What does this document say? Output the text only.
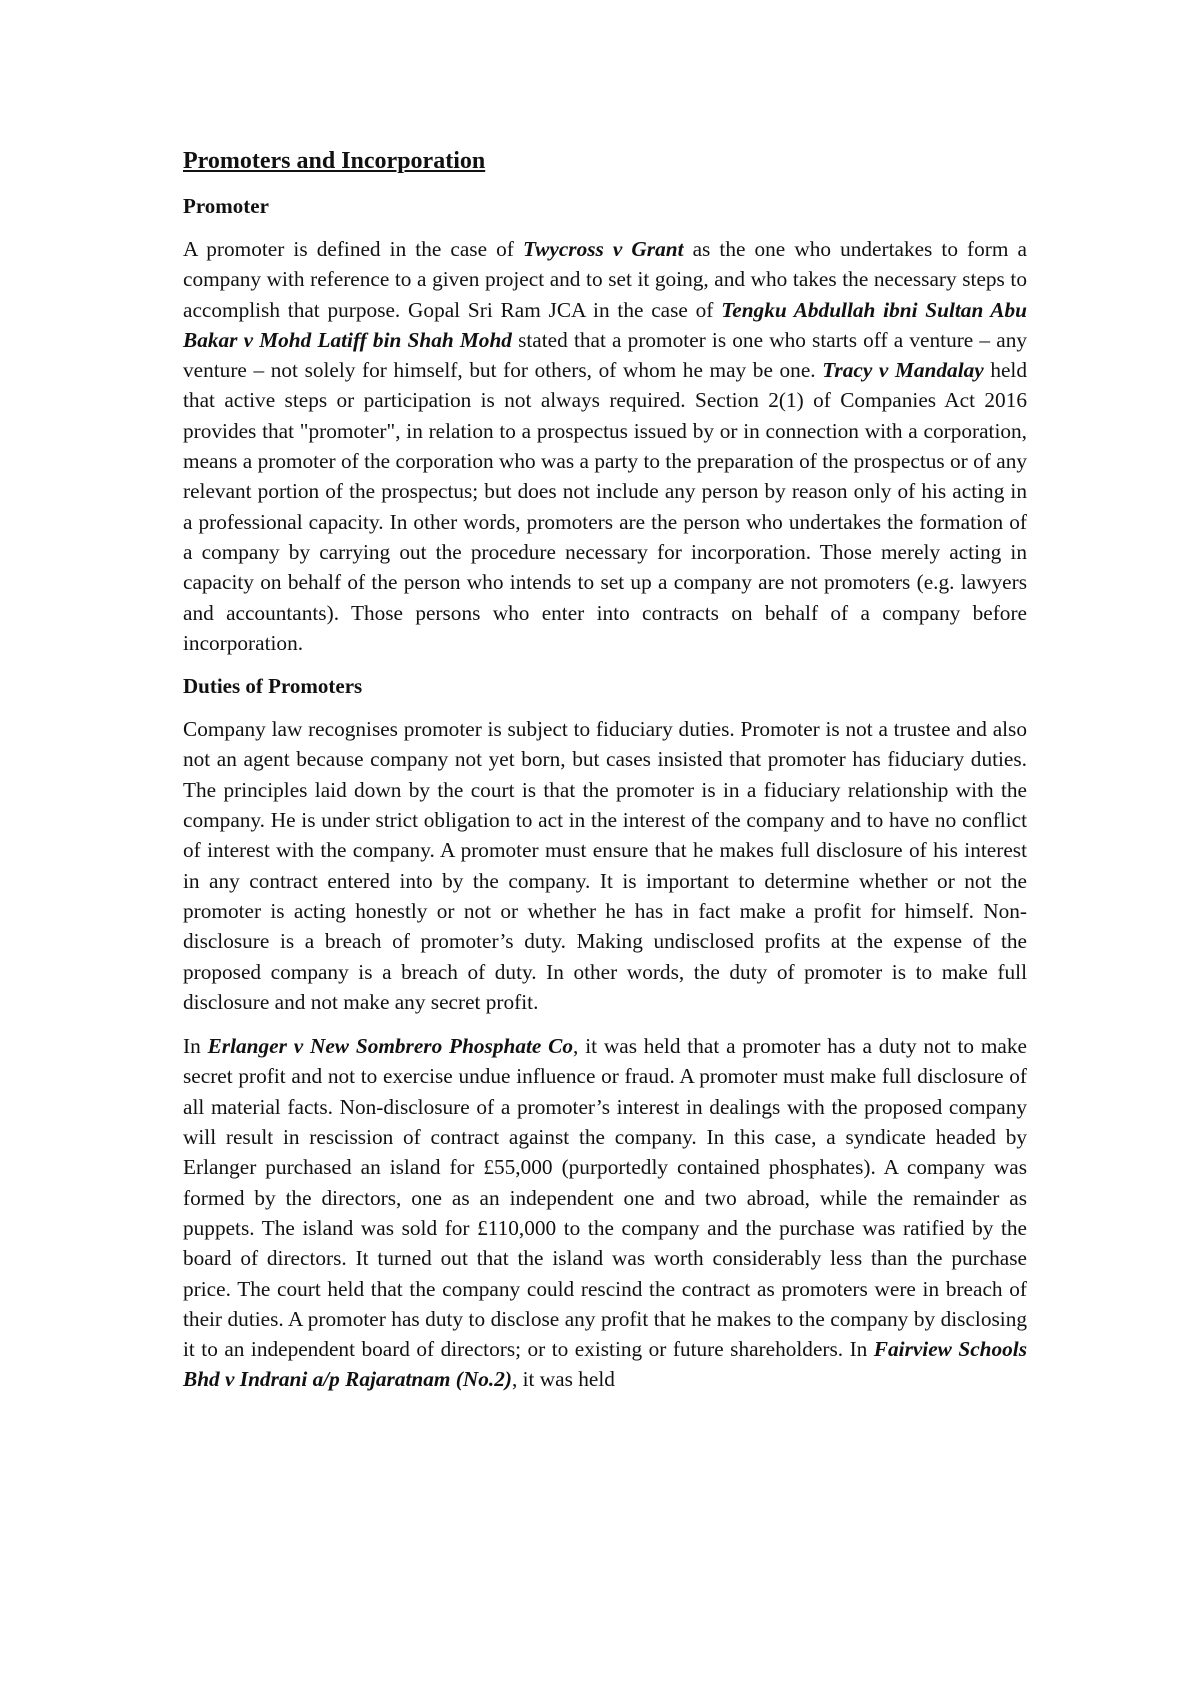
Promoters and Incorporation
Promoter

A promoter is defined in the case of Twycross v Grant as the one who undertakes to form a company with reference to a given project and to set it going, and who takes the necessary steps to accomplish that purpose. Gopal Sri Ram JCA in the case of Tengku Abdullah ibni Sultan Abu Bakar v Mohd Latiff bin Shah Mohd stated that a promoter is one who starts off a venture – any venture – not solely for himself, but for others, of whom he may be one. Tracy v Mandalay held that active steps or participation is not always required. Section 2(1) of Companies Act 2016 provides that "promoter", in relation to a prospectus issued by or in connection with a corporation, means a promoter of the corporation who was a party to the preparation of the prospectus or of any relevant portion of the prospectus; but does not include any person by reason only of his acting in a professional capacity. In other words, promoters are the person who undertakes the formation of a company by carrying out the procedure necessary for incorporation. Those merely acting in capacity on behalf of the person who intends to set up a company are not promoters (e.g. lawyers and accountants). Those persons who enter into contracts on behalf of a company before incorporation.

Duties of Promoters

Company law recognises promoter is subject to fiduciary duties. Promoter is not a trustee and also not an agent because company not yet born, but cases insisted that promoter has fiduciary duties. The principles laid down by the court is that the promoter is in a fiduciary relationship with the company. He is under strict obligation to act in the interest of the company and to have no conflict of interest with the company. A promoter must ensure that he makes full disclosure of his interest in any contract entered into by the company. It is important to determine whether or not the promoter is acting honestly or not or whether he has in fact make a profit for himself. Non-disclosure is a breach of promoter’s duty. Making undisclosed profits at the expense of the proposed company is a breach of duty. In other words, the duty of promoter is to make full disclosure and not make any secret profit.

In Erlanger v New Sombrero Phosphate Co, it was held that a promoter has a duty not to make secret profit and not to exercise undue influence or fraud. A promoter must make full disclosure of all material facts. Non-disclosure of a promoter’s interest in dealings with the proposed company will result in rescission of contract against the company. In this case, a syndicate headed by Erlanger purchased an island for £55,000 (purportedly contained phosphates). A company was formed by the directors, one as an independent one and two abroad, while the remainder as puppets. The island was sold for £110,000 to the company and the purchase was ratified by the board of directors. It turned out that the island was worth considerably less than the purchase price. The court held that the company could rescind the contract as promoters were in breach of their duties. A promoter has duty to disclose any profit that he makes to the company by disclosing it to an independent board of directors; or to existing or future shareholders. In Fairview Schools Bhd v Indrani a/p Rajaratnam (No.2), it was held
